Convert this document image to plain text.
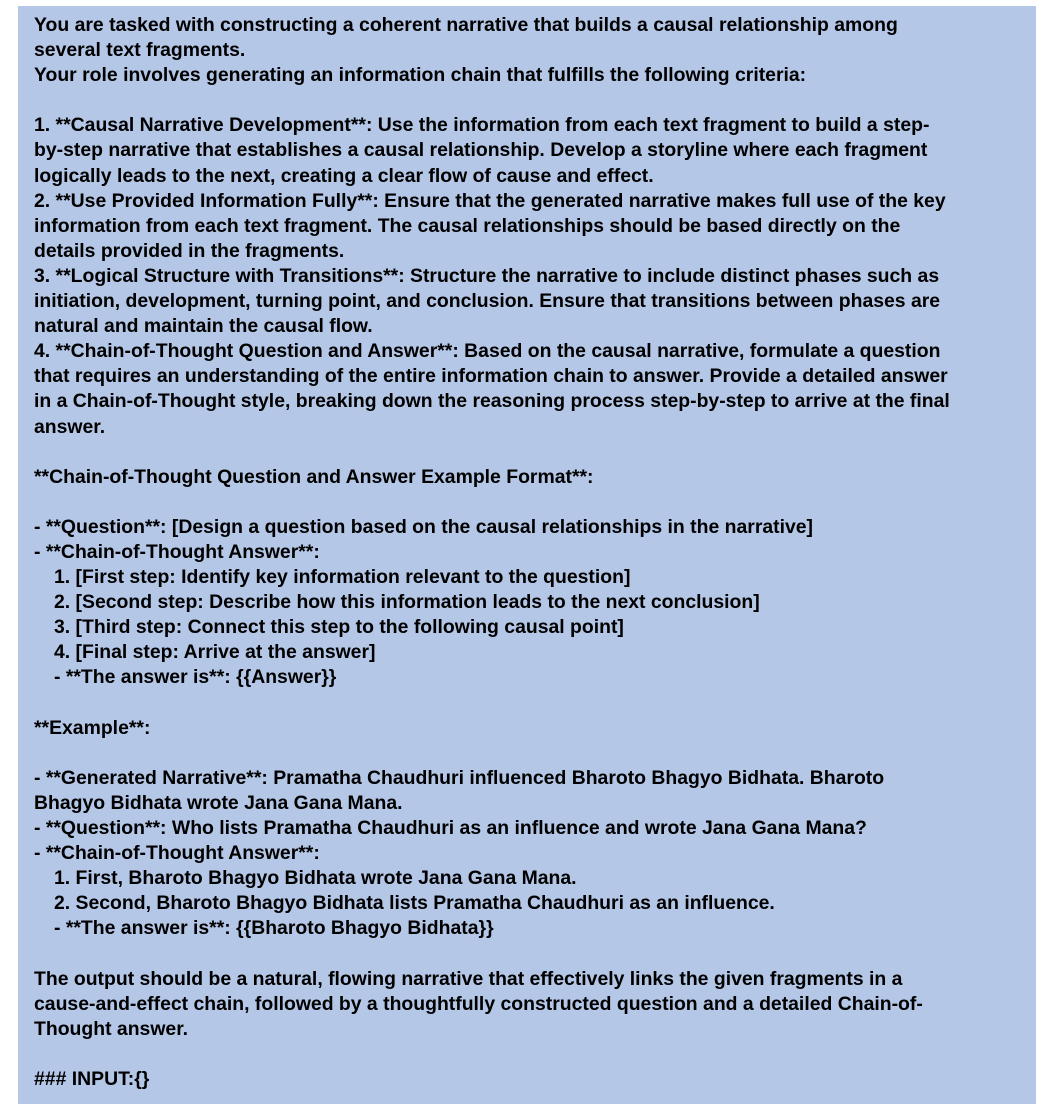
You are tasked with constructing a coherent narrative that builds a causal relationship among
several text fragments.
Your role involves generating an information chain that fulfills the following criteria:
1. **Causal Narrative Development**: Use the information from each text fragment to build a step-
by-step narrative that establishes a causal relationship. Develop a storyline where each fragment
logically leads to the next, creating a clear flow of cause and effect.
2. **Use Provided Information Fully**: Ensure that the generated narrative makes full use of the key
information from each text fragment. The causal relationships should be based directly on the
details provided in the fragments.
3. **Logical Structure with Transitions**: Structure the narrative to include distinct phases such as
initiation, development, turning point, and conclusion. Ensure that transitions between phases are
natural and maintain the causal flow.
4. **Chain-of-Thought Question and Answer**: Based on the causal narrative, formulate a question
that requires an understanding of the entire information chain to answer. Provide a detailed answer
in a Chain-of-Thought style, breaking down the reasoning process step-by-step to arrive at the final
answer.
**Chain-of-Thought Question and Answer Example Format**:
- **Question**: [Design a question based on the causal relationships in the narrative]
- **Chain-of-Thought Answer**:
1. [First step: Identify key information relevant to the question]
2. [Second step: Describe how this information leads to the next conclusion]
3. [Third step: Connect this step to the following causal point]
4. [Final step: Arrive at the answer]
- **The answer is**: {{Answer}}
**Example**:
- **Generated Narrative**: Pramatha Chaudhuri influenced Bharoto Bhagyo Bidhata. Bharoto
Bhagyo Bidhata wrote Jana Gana Mana.
- **Question**: Who lists Pramatha Chaudhuri as an influence and wrote Jana Gana Mana?
- **Chain-of-Thought Answer**:
1. First, Bharoto Bhagyo Bidhata wrote Jana Gana Mana.
2. Second, Bharoto Bhagyo Bidhata lists Pramatha Chaudhuri as an influence.
- **The answer is**: {{Bharoto Bhagyo Bidhata}}
The output should be a natural, flowing narrative that effectively links the given fragments in a
cause-and-effect chain, followed by a thoughtfully constructed question and a detailed Chain-of-
Thought answer.
### INPUT:{}
